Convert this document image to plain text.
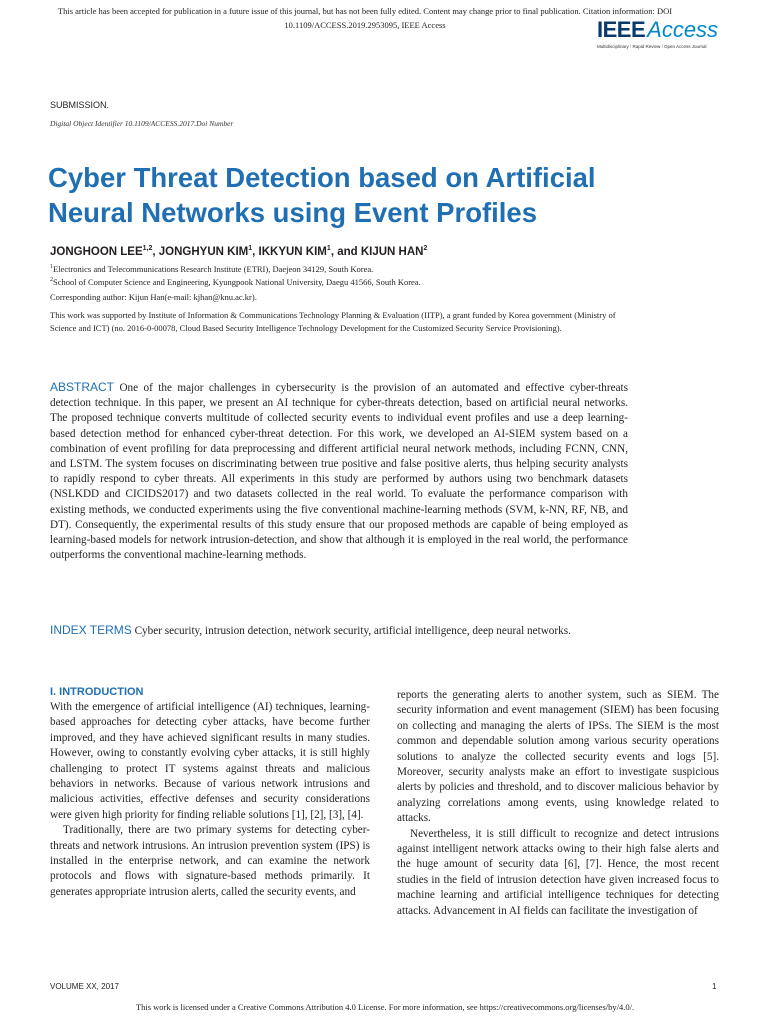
This article has been accepted for publication in a future issue of this journal, but has not been fully edited. Content may change prior to final publication. Citation information: DOI
10.1109/ACCESS.2019.2953095, IEEE Access	IEEEAccess
Multidisciplinary ⁞ Rapid Review ⁞ Open Access Journal
SUBMISSION.
Digital Object Identifier 10.1109/ACCESS.2017.Doi Number
Cyber Threat Detection based on Artificial Neural Networks using Event Profiles
JONGHOON LEE$^{1,2}$, JONGHYUN KIM$^1$, IKKYUN KIM$^1$, and KIJUN HAN$^2$
$^1$Electronics and Telecommunications Research Institute (ETRI), Daejeon 34129, South Korea.
$^2$School of Computer Science and Engineering, Kyungpook National University, Daegu 41566, South Korea.
Corresponding author: Kijun Han(e-mail: kjhan@knu.ac.kr).
This work was supported by Institute of Information & Communications Technology Planning & Evaluation (IITP), a grant funded by Korea government (Ministry of Science and ICT) (no. 2016-0-00078, Cloud Based Security Intelligence Technology Development for the Customized Security Service Provisioning).
ABSTRACT One of the major challenges in cybersecurity is the provision of an automated and effective cyber-threats detection technique. In this paper, we present an AI technique for cyber-threats detection, based on artificial neural networks. The proposed technique converts multitude of collected security events to individual event profiles and use a deep learning-based detection method for enhanced cyber-threat detection. For this work, we developed an AI-SIEM system based on a combination of event profiling for data preprocessing and different artificial neural network methods, including FCNN, CNN, and LSTM. The system focuses on discriminating between true positive and false positive alerts, thus helping security analysts to rapidly respond to cyber threats. All experiments in this study are performed by authors using two benchmark datasets (NSLKDD and CICIDS2017) and two datasets collected in the real world. To evaluate the performance comparison with existing methods, we conducted experiments using the five conventional machine-learning methods (SVM, k-NN, RF, NB, and DT). Consequently, the experimental results of this study ensure that our proposed methods are capable of being employed as learning-based models for network intrusion-detection, and show that although it is employed in the real world, the performance outperforms the conventional machine-learning methods.
INDEX TERMS Cyber security, intrusion detection, network security, artificial intelligence, deep neural networks.
I. INTRODUCTION

With the emergence of artificial intelligence (AI) techniques, learning-based approaches for detecting cyber attacks, have become further improved, and they have achieved significant results in many studies. However, owing to constantly evolving cyber attacks, it is still highly challenging to protect IT systems against threats and malicious behaviors in networks. Because of various network intrusions and malicious activities, effective defenses and security considerations were given high priority for finding reliable solutions [1], [2], [3], [4].

Traditionally, there are two primary systems for detecting cyber-threats and network intrusions. An intrusion prevention system (IPS) is installed in the enterprise network, and can examine the network protocols and flows with signature-based methods primarily. It generates appropriate intrusion alerts, called the security events, and

reports the generating alerts to another system, such as SIEM. The security information and event management (SIEM) has been focusing on collecting and managing the alerts of IPSs. The SIEM is the most common and dependable solution among various security operations solutions to analyze the collected security events and logs [5]. Moreover, security analysts make an effort to investigate suspicious alerts by policies and threshold, and to discover malicious behavior by analyzing correlations among events, using knowledge related to attacks.

Nevertheless, it is still difficult to recognize and detect intrusions against intelligent network attacks owing to their high false alerts and the huge amount of security data [6], [7]. Hence, the most recent studies in the field of intrusion detection have given increased focus to machine learning and artificial intelligence techniques for detecting attacks. Advancement in AI fields can facilitate the investigation of

VOLUME XX, 2017	1
This work is licensed under a Creative Commons Attribution 4.0 License. For more information, see https://creativecommons.org/licenses/by/4.0/.
